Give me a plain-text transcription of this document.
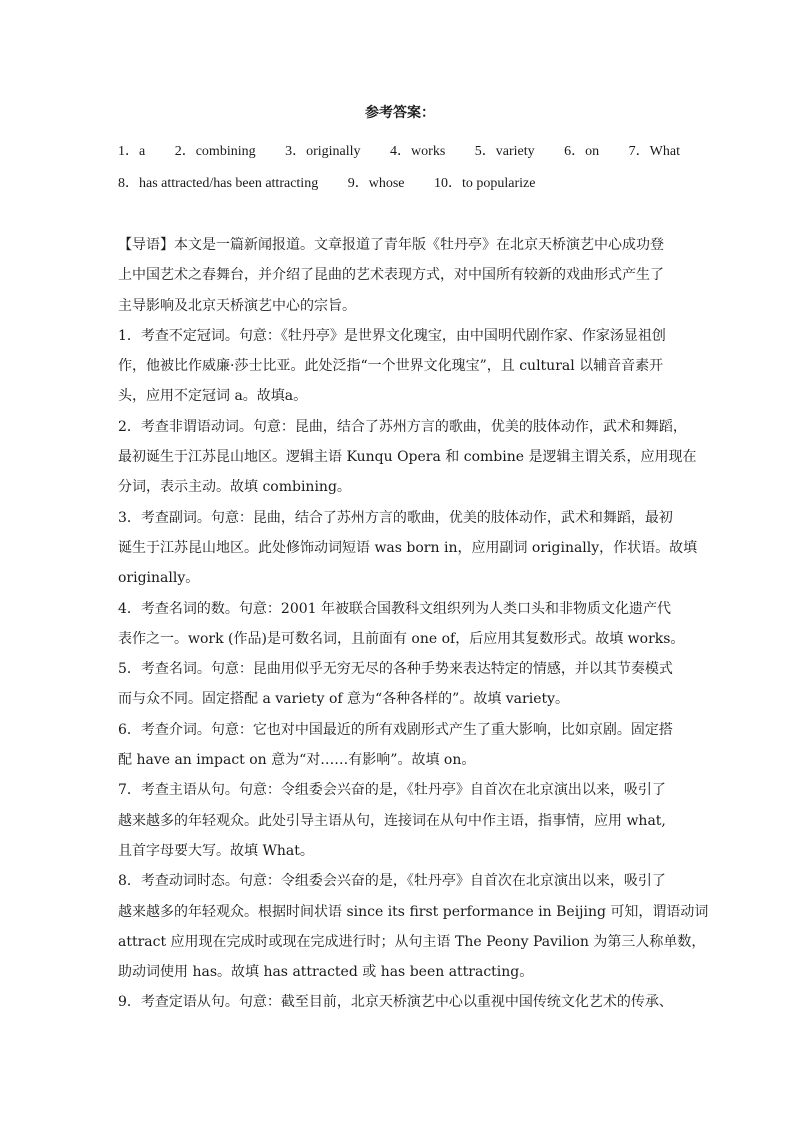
参考答案：
1．a 2．combining 3．originally 4．works 5．variety 6．on 7．What
8．has attracted/has been attracting 9．whose 10．to popularize
【导语】本文是一篇新闻报道。文章报道了青年版《牡丹亭》在北京天桥演艺中心成功登
上中国艺术之春舞台，并介绍了昆曲的艺术表现方式，对中国所有较新的戏曲形式产生了
主导影响及北京天桥演艺中心的宗旨。
1．考查不定冠词。句意：《牡丹亭》是世界文化瑰宝，由中国明代剧作家、作家汤显祖创
作，他被比作威廉·莎士比亚。此处泛指“一个世界文化瑰宝”，且 cultural 以辅音音素开
头，应用不定冠词 a。故填a。
2．考查非谓语动词。句意：昆曲，结合了苏州方言的歌曲，优美的肢体动作，武术和舞蹈，
最初诞生于江苏昆山地区。逻辑主语 Kunqu Opera 和 combine 是逻辑主谓关系，应用现在
分词，表示主动。故填 combining。
3．考查副词。句意：昆曲，结合了苏州方言的歌曲，优美的肢体动作，武术和舞蹈，最初
诞生于江苏昆山地区。此处修饰动词短语 was born in，应用副词 originally，作状语。故填
originally。
4．考查名词的数。句意：2001 年被联合国教科文组织列为人类口头和非物质文化遗产代
表作之一。work (作品)是可数名词，且前面有 one of，后应用其复数形式。故填 works。
5．考查名词。句意：昆曲用似乎无穷无尽的各种手势来表达特定的情感，并以其节奏模式
而与众不同。固定搭配 a variety of 意为“各种各样的”。故填 variety。
6．考查介词。句意：它也对中国最近的所有戏剧形式产生了重大影响，比如京剧。固定搭
配 have an impact on 意为“对……有影响”。故填 on。
7．考查主语从句。句意：令组委会兴奋的是，《牡丹亭》自首次在北京演出以来，吸引了
越来越多的年轻观众。此处引导主语从句，连接词在从句中作主语，指事情，应用 what,
且首字母要大写。故填 What。
8．考查动词时态。句意：令组委会兴奋的是，《牡丹亭》自首次在北京演出以来，吸引了
越来越多的年轻观众。根据时间状语 since its first performance in Beijing 可知，谓语动词
attract 应用现在完成时或现在完成进行时；从句主语 The Peony Pavilion 为第三人称单数，
助动词使用 has。故填 has attracted 或 has been attracting。
9．考查定语从句。句意：截至目前，北京天桥演艺中心以重视中国传统文化艺术的传承、
